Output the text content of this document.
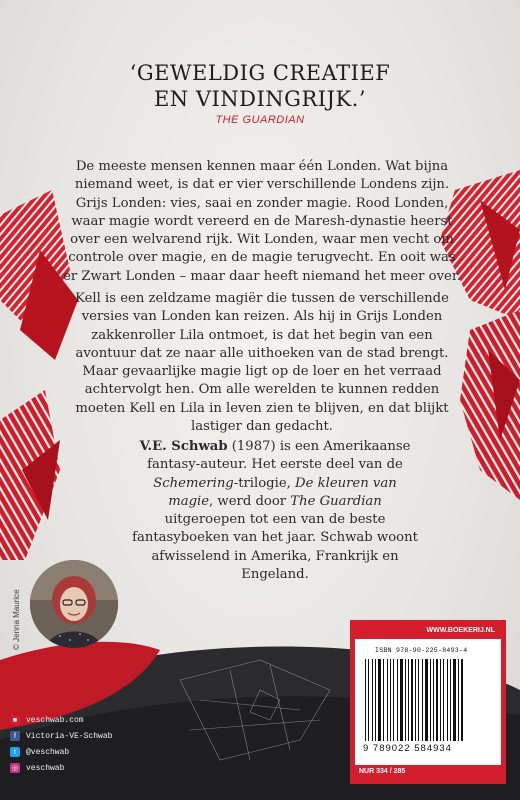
‘GEWELDIG CREATIEF
EN VINDINGRIJK.’
THE GUARDIAN
De meeste mensen kennen maar één Londen. Wat bijna niemand weet, is dat er vier verschillende Londens zijn. Grijs Londen: vies, saai en zonder magie. Rood Londen, waar magie wordt vereerd en de Maresh-dynastie heerst over een welvarend rijk. Wit Londen, waar men vecht om controle over magie, en de magie terugvecht. En ooit was er Zwart Londen – maar daar heeft niemand het meer over.
Kell is een zeldzame magiër die tussen de verschillende versies van Londen kan reizen. Als hij in Grijs Londen zakkenroller Lila ontmoet, is dat het begin van een avontuur dat ze naar alle uithoeken van de stad brengt. Maar gevaarlijke magie ligt op de loer en het verraad achtervolgt hen. Om alle werelden te kunnen redden moeten Kell en Lila in leven zien te blijven, en dat blijkt lastiger dan gedacht.
V.E. Schwab (1987) is een Amerikaanse fantasy-auteur. Het eerste deel van de Schemering-trilogie, De kleuren van magie, werd door The Guardian uitgeroepen tot een van de beste fantasyboeken van het jaar. Schwab woont afwisselend in Amerika, Frankrijk en Engeland.
© Jenna Maurice
■	veschwab.com
f	Victoria-VE-Schwab
t	@veschwab
◎ veschwab
WWW.BOEKERIJ.NL
ISBN 978-90-225-8493-4
9 789022 584934
NUR 334 / 285
